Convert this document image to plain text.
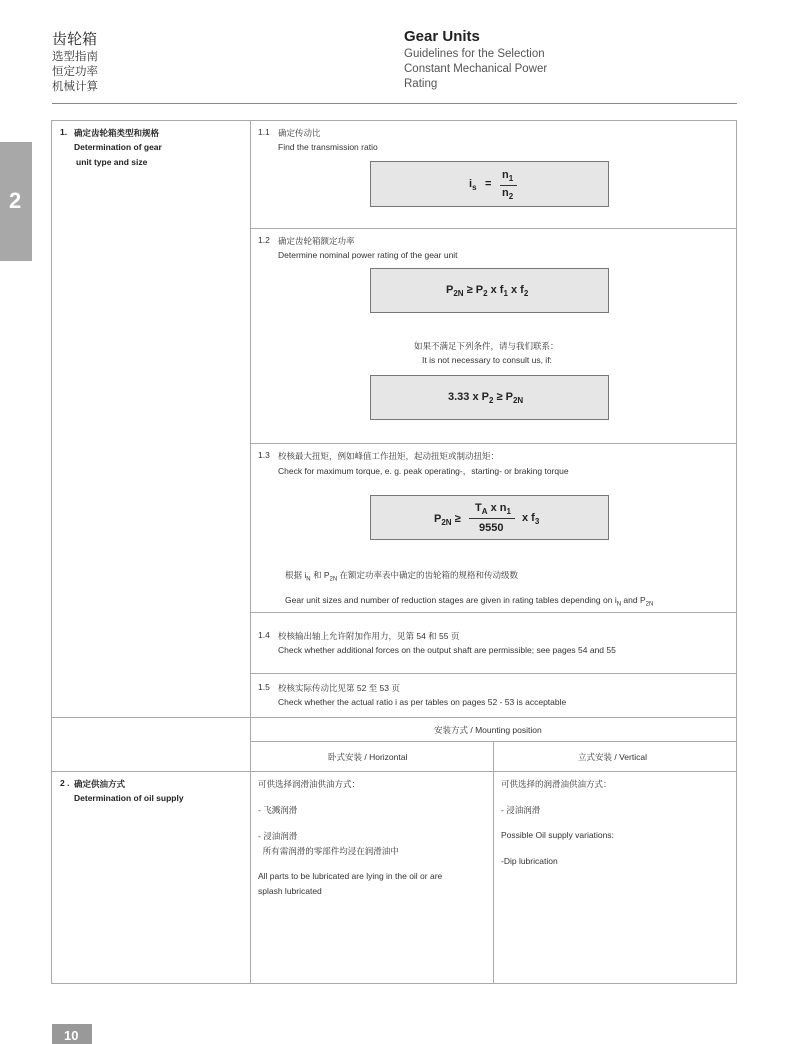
齿轮箱
选型指南
恒定功率
机械计算
Gear Units
Guidelines for the Selection
Constant Mechanical Power
Rating
2
1. 确定齿轮箱类型和规格
Determination of gear
unit type and size
1.1 确定传动比
Find the transmission ratio
$i_s$ =
$n_1$
$n_2$
1.2 确定齿轮箱额定功率
Determine nominal power rating of the gear unit
$P_{2N} \ge P_2$ x $f_1$ x $f_2$
如果不满足下列条件，请与我们联系：
It is not necessary to consult us, if:
3.33 x $P_2 \ge P_{2N}$
1.3 校核最大扭矩，例如峰值工作扭矩，起动扭矩或制动扭矩：
Check for maximum torque, e. g. peak operating-，starting- or braking torque
$P_{2N}$ ≥
$T_A$ x $n_1$
9550
x $f_3$
根据 $i_N$ 和 $P_{2N}$ 在额定功率表中确定的齿轮箱的规格和传动级数
Gear unit sizes and number of reduction stages are given in rating tables depending on $i_N$ and $P_{2N}$
1.4 校核输出轴上允许附加作用力，见第 54 和 55 页
Check whether additional forces on the output shaft are permissible; see pages 54 and 55
1.5 校核实际传动比见第 52 至 53 页
Check whether the actual ratio i as per tables on pages 52 - 53 is acceptable
安装方式 / Mounting position
卧式安装 / Horizontal	立式安装 / Vertical
2 . 确定供油方式
Determination of oil supply
可供选择润滑油供油方式：
- 飞溅润滑
- 浸油润滑
所有需润滑的零部件均浸在润滑油中
All parts to be lubricated are lying in the oil or are
splash lubricated
可供选择的润滑油供油方式：
- 浸油润滑
Possible Oil supply variations:
-Dip lubrication
10
